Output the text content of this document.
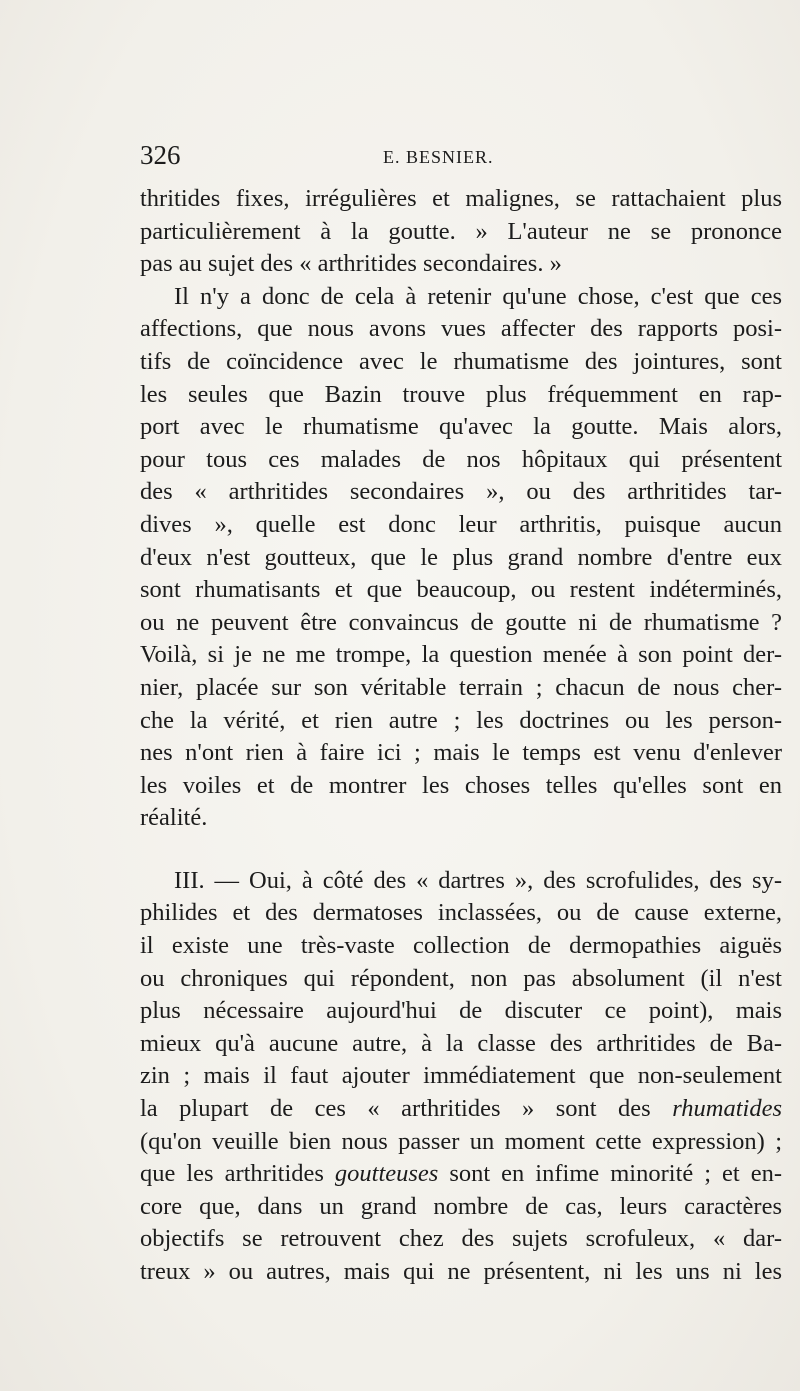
326	E. BESNIER.
thritides fixes, irrégulières et malignes, se rattachaient plus
particulièrement à la goutte. » L'auteur ne se prononce
pas au sujet des « arthritides secondaires. »
Il n'y a donc de cela à retenir qu'une chose, c'est que ces
affections, que nous avons vues affecter des rapports posi-
tifs de coïncidence avec le rhumatisme des jointures, sont
les seules que Bazin trouve plus fréquemment en rap-
port avec le rhumatisme qu'avec la goutte. Mais alors,
pour tous ces malades de nos hôpitaux qui présentent
des « arthritides secondaires », ou des arthritides tar-
dives », quelle est donc leur arthritis, puisque aucun
d'eux n'est goutteux, que le plus grand nombre d'entre eux
sont rhumatisants et que beaucoup, ou restent indéterminés,
ou ne peuvent être convaincus de goutte ni de rhumatisme ?
Voilà, si je ne me trompe, la question menée à son point der-
nier, placée sur son véritable terrain ; chacun de nous cher-
che la vérité, et rien autre ; les doctrines ou les person-
nes n'ont rien à faire ici ; mais le temps est venu d'enlever
les voiles et de montrer les choses telles qu'elles sont en
réalité.
III. — Oui, à côté des « dartres », des scrofulides, des sy-
philides et des dermatoses inclassées, ou de cause externe,
il existe une très-vaste collection de dermopathies aiguës
ou chroniques qui répondent, non pas absolument (il n'est
plus nécessaire aujourd'hui de discuter ce point), mais
mieux qu'à aucune autre, à la classe des arthritides de Ba-
zin ; mais il faut ajouter immédiatement que non-seulement
la plupart de ces « arthritides » sont des rhumatides
(qu'on veuille bien nous passer un moment cette expression) ;
que les arthritides goutteuses sont en infime minorité ; et en-
core que, dans un grand nombre de cas, leurs caractères
objectifs se retrouvent chez des sujets scrofuleux, « dar-
treux » ou autres, mais qui ne présentent, ni les uns ni les
